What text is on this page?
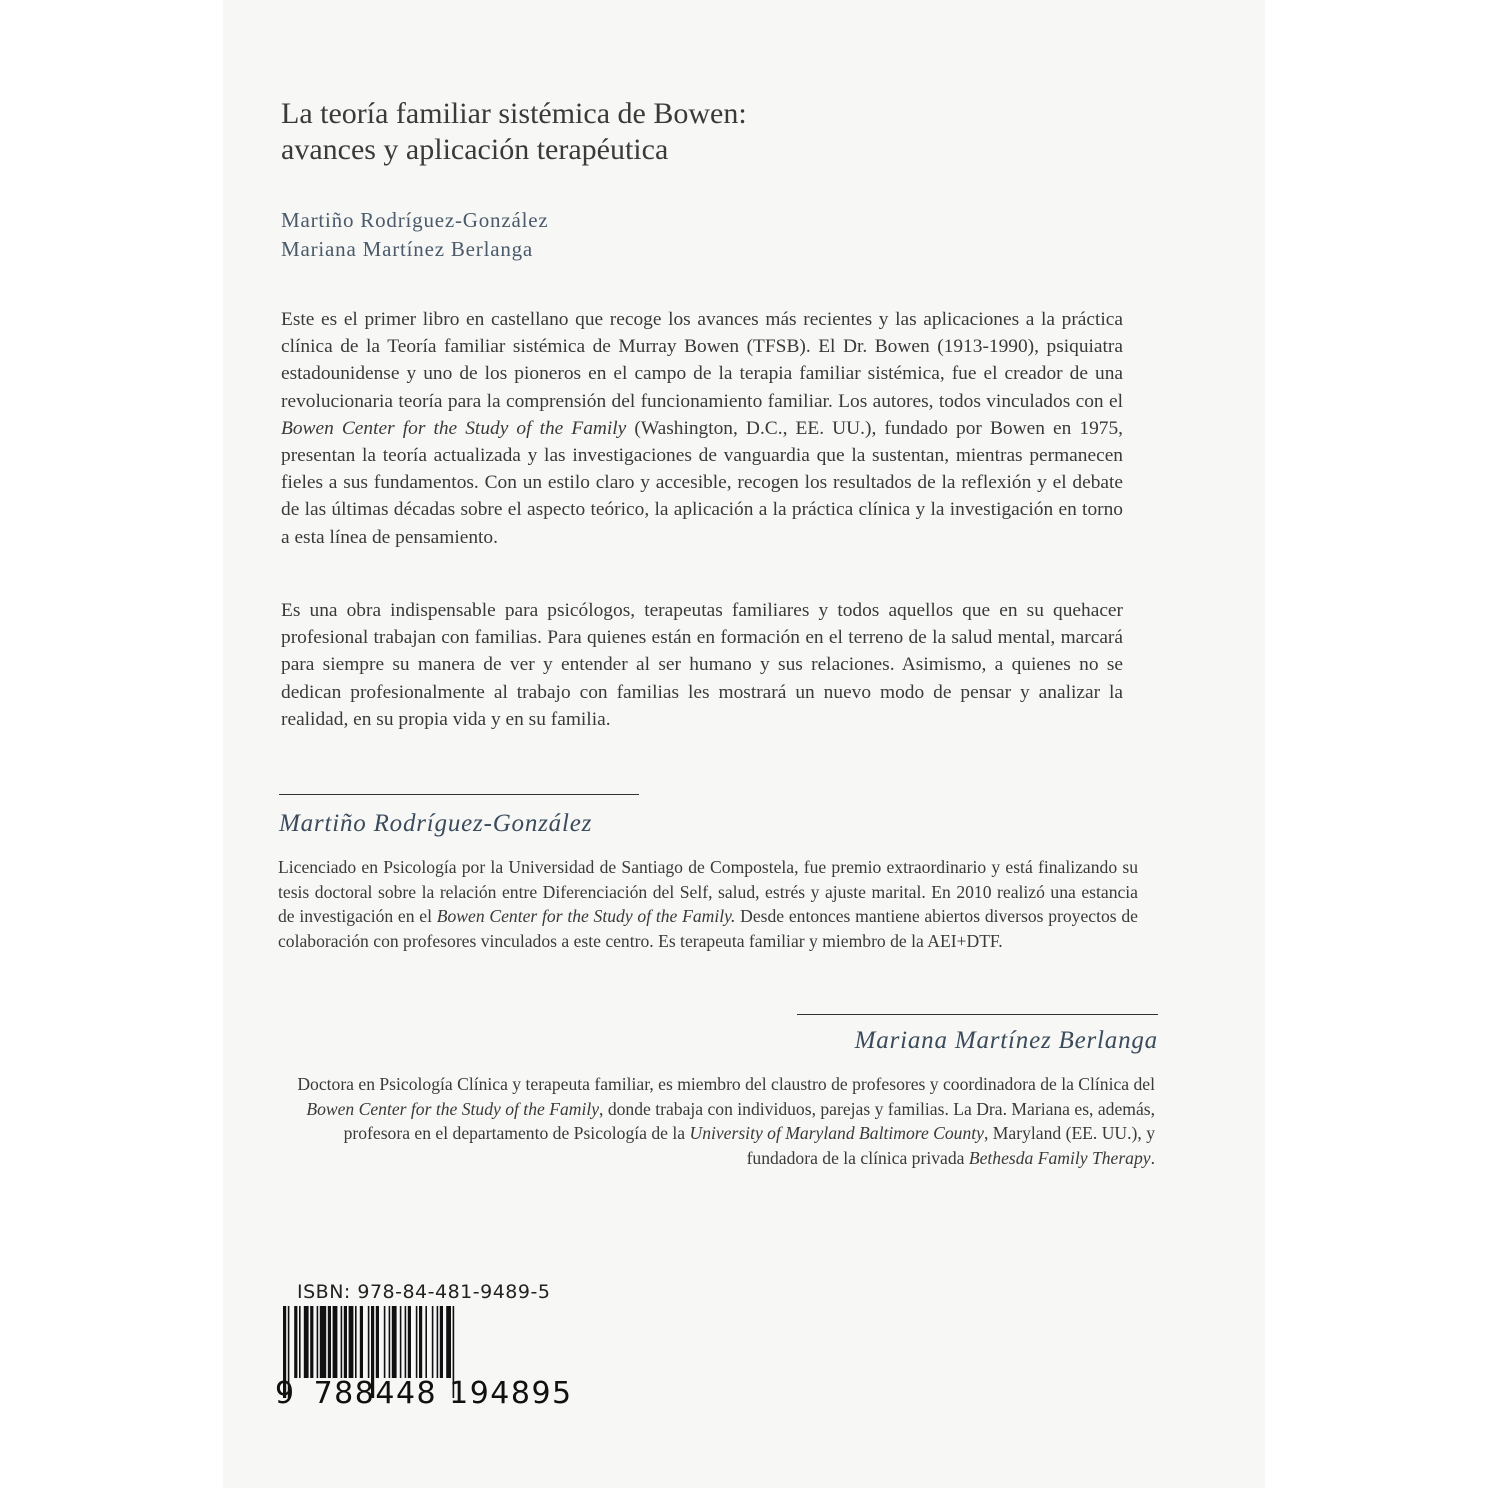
La teoría familiar sistémica de Bowen:
avances y aplicación terapéutica
Martiño Rodríguez-González
Mariana Martínez Berlanga

Este es el primer libro en castellano que recoge los avances más recientes y las aplicaciones a la práctica clínica de la Teoría familiar sistémica de Murray Bowen (TFSB). El Dr. Bowen (1913-1990), psiquiatra estadounidense y uno de los pioneros en el campo de la terapia familiar sistémica, fue el creador de una revolucionaria teoría para la comprensión del funcionamiento familiar. Los autores, todos vinculados con el Bowen Center for the Study of the Family (Washington, D.C., EE. UU.), fundado por Bowen en 1975, presentan la teoría actualizada y las investigaciones de vanguardia que la sustentan, mientras permanecen fieles a sus fundamentos. Con un estilo claro y accesible, recogen los resultados de la reflexión y el debate de las últimas décadas sobre el aspecto teórico, la aplicación a la práctica clínica y la investigación en torno a esta línea de pensamiento.

Es una obra indispensable para psicólogos, terapeutas familiares y todos aquellos que en su quehacer profesional trabajan con familias. Para quienes están en formación en el terreno de la salud mental, marcará para siempre su manera de ver y entender al ser humano y sus relaciones. Asimismo, a quienes no se dedican profesionalmente al trabajo con familias les mostrará un nuevo modo de pensar y analizar la realidad, en su propia vida y en su familia.

Martiño Rodríguez-González

Licenciado en Psicología por la Universidad de Santiago de Compostela, fue premio extraordinario y está finalizando su tesis doctoral sobre la relación entre Diferenciación del Self, salud, estrés y ajuste marital. En 2010 realizó una estancia de investigación en el Bowen Center for the Study of the Family. Desde entonces mantiene abiertos diversos proyectos de colaboración con profesores vinculados a este centro. Es terapeuta familiar y miembro de la AEI+DTF.

Mariana Martínez Berlanga

Doctora en Psicología Clínica y terapeuta familiar, es miembro del claustro de profesores y coordinadora de la Clínica del Bowen Center for the Study of the Family, donde trabaja con individuos, parejas y familias. La Dra. Mariana es, además, profesora en el departamento de Psicología de la University of Maryland Baltimore County, Maryland (EE. UU.), y fundadora de la clínica privada Bethesda Family Therapy.

ISBN: 978-84-481-9489-5
9 788448 194895
